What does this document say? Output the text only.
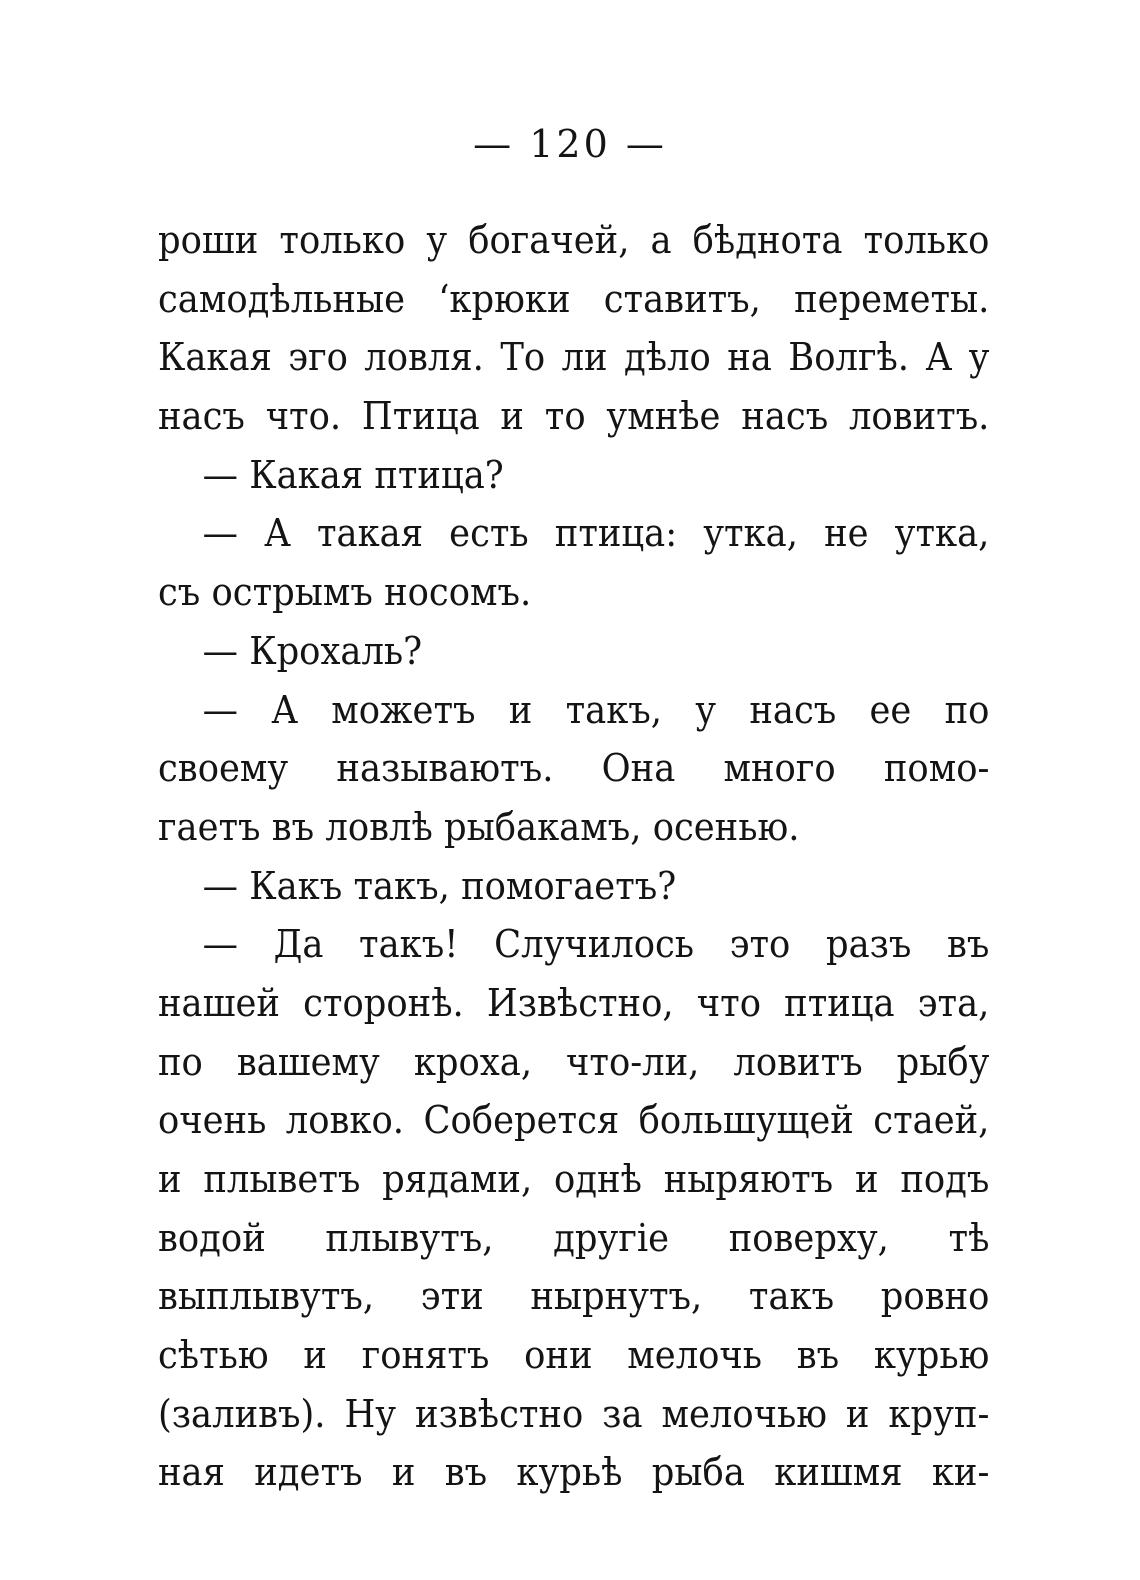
— 120 —
роши только у богачей, а бѣднота только
самодѣльные ‘крюки ставитъ, переметы.
Какая эго ловля. То ли дѣло на Волгѣ. А у
насъ что. Птица и то умнѣе насъ ловитъ.
— Какая птица?
— А такая есть птица: утка, не утка,
съ острымъ носомъ.
— Крохаль?
— А можетъ и такъ, у насъ ее по
своему называютъ. Она много помо-
гаетъ въ ловлѣ рыбакамъ, осенью.
— Какъ такъ, помогаетъ?
— Да такъ! Случилось это разъ въ
нашей сторонѣ. Извѣстно, что птица эта,
по вашему кроха, что-ли, ловитъ рыбу
очень ловко. Соберется большущей стаей,
и плыветъ рядами, однѣ ныряютъ и подъ
водой плывутъ, другіе поверху, тѣ
выплывутъ, эти нырнутъ, такъ ровно
сѣтью и гонятъ они мелочь въ курью
(заливъ). Ну извѣстно за мелочью и круп-
ная идетъ и въ курьѣ рыба кишмя ки-
